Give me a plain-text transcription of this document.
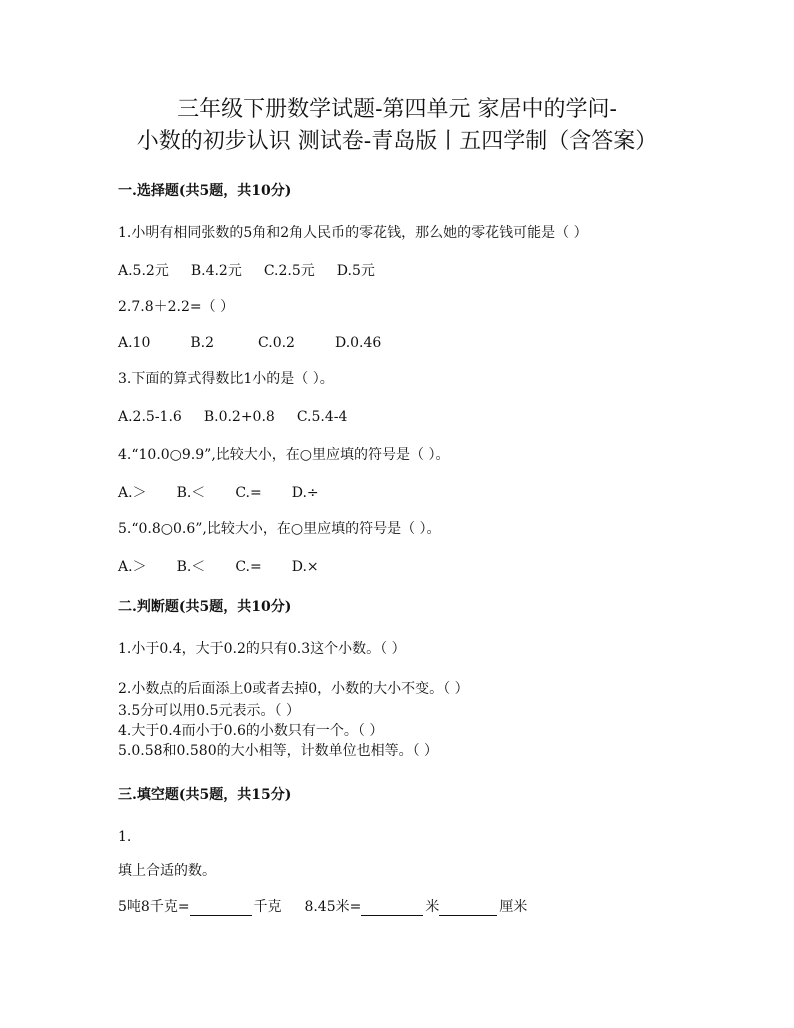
三年级下册数学试题-第四单元 家居中的学问-
小数的初步认识 测试卷-青岛版丨五四学制（含答案）
一.选择题(共5题，共10分)
1.小明有相同张数的5角和2角人民币的零花钱，那么她的零花钱可能是（ ）
A.5.2元 B.4.2元 C.2.5元 D.5元
2.7.8＋2.2=（ ）
A.10	B.2	C.0.2	D.0.46
3.下面的算式得数比1小的是（ ）。
A.2.5-1.6 B.0.2+0.8 C.5.4-4
4.“10.0○9.9”,比较大小，在○里应填的符号是（ ）。
A.＞ B.＜ C.= D.÷
5.“0.8○0.6”,比较大小，在○里应填的符号是（ ）。
A.＞ B.＜ C.= D.×
二.判断题(共5题，共10分)
1.小于0.4，大于0.2的只有0.3这个小数。（ ）
2.小数点的后面添上0或者去掉0，小数的大小不变。（ ）
3.5分可以用0.5元表示。（ ）
4.大于0.4而小于0.6的小数只有一个。（ ）
5.0.58和0.580的大小相等，计数单位也相等。（ ）
三.填空题(共5题，共15分)
1.
填上合适的数。
5吨8千克=	千克 8.45米=	米	厘米
